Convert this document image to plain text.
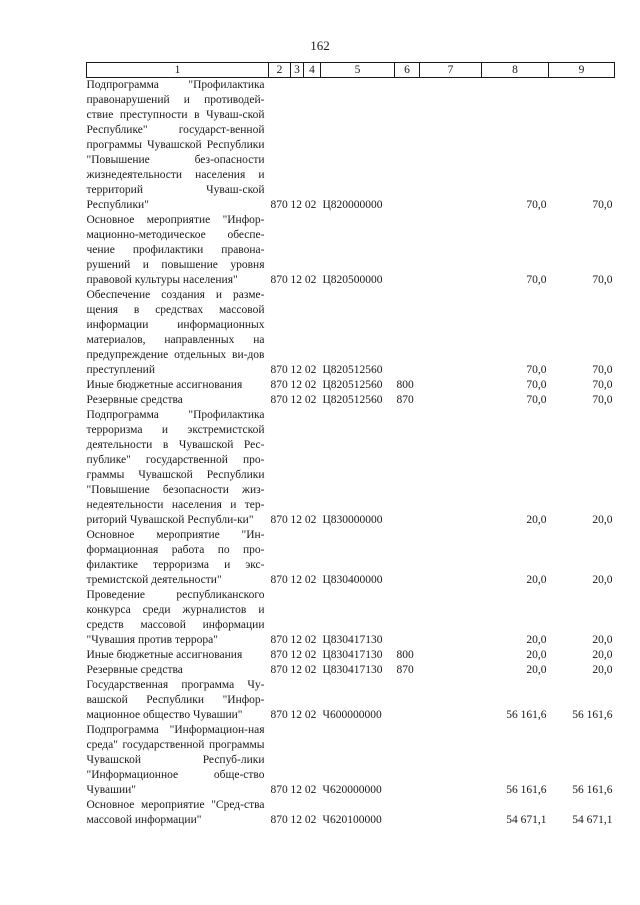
162
1	2	3	4	5	6	7	8	9
Подпрограмма "Профилактика правонарушений и противодей-ствие преступности в Чуваш-ской Республике" государст-венной программы Чувашской Республики "Повышение без-опасности жизнедеятельности населения и территорий Чуваш-ской Республики"	870	12 02		Ц820000000			70,0	70,0
Основное мероприятие "Инфор-мационно-методическое обеспе-чение профилактики правона-рушений и повышение уровня правовой культуры населения"	870	12 02		Ц820500000			70,0	70,0
Обеспечение создания и разме-щения в средствах массовой информации информационных материалов, направленных на предупреждение отдельных ви-дов преступлений	870	12 02		Ц820512560			70,0	70,0
Иные бюджетные ассигнования	870	12 02		Ц820512560	800		70,0	70,0
Резервные средства	870	12 02		Ц820512560	870		70,0	70,0
Подпрограмма "Профилактика терроризма и экстремистской деятельности в Чувашской Рес-публике" государственной про-граммы Чувашской Республики "Повышение безопасности жиз-недеятельности населения и тер-риторий Чувашской Республи-ки"	870	12 02		Ц830000000			20,0	20,0
Основное мероприятие "Ин-формационная работа по про-филактике терроризма и экс-тремистской деятельности"	870	12 02		Ц830400000			20,0	20,0
Проведение республиканского конкурса среди журналистов и средств массовой информации "Чувашия против террора"	870	12 02		Ц830417130			20,0	20,0
Иные бюджетные ассигнования	870	12 02		Ц830417130	800		20,0	20,0
Резервные средства	870	12 02		Ц830417130	870		20,0	20,0
Государственная программа Чу-вашской Республики "Инфор-мационное общество Чувашии"	870	12 02		Ч600000000			56 161,6	56 161,6
Подпрограмма "Информацион-ная среда" государственной программы Чувашской Респуб-лики "Информационное обще-ство Чувашии"	870	12 02		Ч620000000			56 161,6	56 161,6
Основное мероприятие "Сред-ства массовой информации"	870	12 02		Ч620100000			54 671,1	54 671,1
